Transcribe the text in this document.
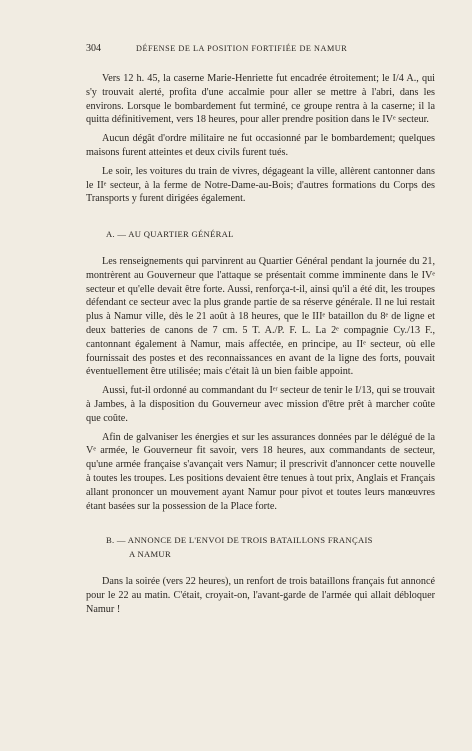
304	DÉFENSE DE LA POSITION FORTIFIÉE DE NAMUR

Vers 12 h. 45, la caserne Marie-Henriette fut encadrée étroitement; le I/4 A., qui s'y trouvait alerté, profita d'une accalmie pour aller se mettre à l'abri, dans les environs. Lorsque le bombardement fut terminé, ce groupe rentra à la caserne; il la quitta définitivement, vers 18 heures, pour aller prendre position dans le IVᵉ secteur.

Aucun dégât d'ordre militaire ne fut occasionné par le bombardement; quelques maisons furent atteintes et deux civils furent tués.

Le soir, les voitures du train de vivres, dégageant la ville, allèrent cantonner dans le IIᵉ secteur, à la ferme de Notre-Dame-au-Bois; d'autres formations du Corps des Transports y furent dirigées également.

A. — AU QUARTIER GÉNÉRAL

Les renseignements qui parvinrent au Quartier Général pendant la journée du 21, montrèrent au Gouverneur que l'attaque se présentait comme imminente dans le IVᵉ secteur et qu'elle devait être forte. Aussi, renforça-t-il, ainsi qu'il a été dit, les troupes défendant ce secteur avec la plus grande partie de sa réserve générale. Il ne lui restait plus à Namur ville, dès le 21 août à 18 heures, que le IIIᵉ bataillon du 8ᵉ de ligne et deux batteries de canons de 7 cm. 5 T. A./P. F. L. La 2ᵉ compagnie Cy./13 F., cantonnant également à Namur, mais affectée, en principe, au IIᵉ secteur, où elle fournissait des postes et des reconnaissances en avant de la ligne des forts, pouvait éventuellement être utilisée; mais c'était là un bien faible appoint.

Aussi, fut-il ordonné au commandant du Iᵉʳ secteur de tenir le I/13, qui se trouvait à Jambes, à la disposition du Gouverneur avec mission d'être prêt à marcher coûte que coûte.

Afin de galvaniser les énergies et sur les assurances données par le délégué de la Vᵉ armée, le Gouverneur fit savoir, vers 18 heures, aux commandants de secteur, qu'une armée française s'avançait vers Namur; il prescrivit d'annoncer cette nouvelle à toutes les troupes. Les positions devaient être tenues à tout prix, Anglais et Français allant prononcer un mouvement ayant Namur pour pivot et toutes leurs manœuvres étant basées sur la possession de la Place forte.

B. — ANNONCE DE L'ENVOI DE TROIS BATAILLONS FRANÇAIS
A NAMUR

Dans la soirée (vers 22 heures), un renfort de trois bataillons français fut annoncé pour le 22 au matin. C'était, croyait-on, l'avant-garde de l'armée qui allait débloquer Namur !
